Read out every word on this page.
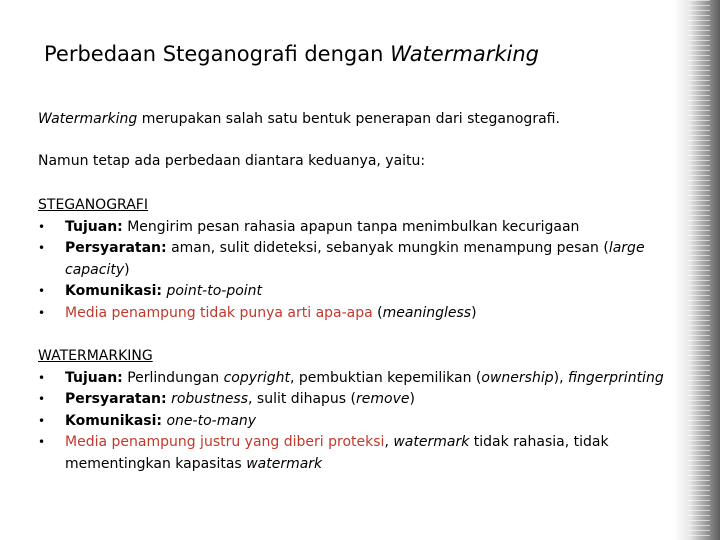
Perbedaan Steganografi dengan Watermarking
Watermarking merupakan salah satu bentuk penerapan dari steganografi.
Namun tetap ada perbedaan diantara keduanya, yaitu:
STEGANOGRAFI
• Tujuan: Mengirim pesan rahasia apapun tanpa menimbulkan kecurigaan
• Persyaratan: aman, sulit dideteksi, sebanyak mungkin menampung pesan (large capacity)
• Komunikasi: point-to-point
• Media penampung tidak punya arti apa-apa (meaningless)
WATERMARKING
• Tujuan: Perlindungan copyright, pembuktian kepemilikan (ownership), fingerprinting
• Persyaratan: robustness, sulit dihapus (remove)
• Komunikasi: one-to-many
• Media penampung justru yang diberi proteksi, watermark tidak rahasia, tidak mementingkan kapasitas watermark
